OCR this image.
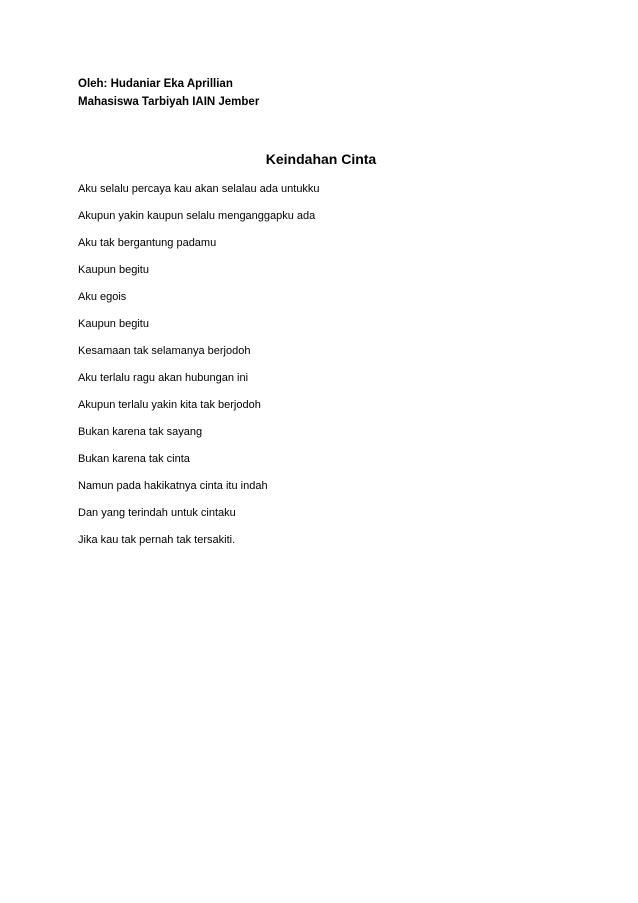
Oleh: Hudaniar Eka Aprillian
Mahasiswa Tarbiyah IAIN Jember
Keindahan Cinta
Aku selalu percaya kau akan selalau ada untukku
Akupun yakin kaupun selalu menganggapku ada
Aku tak bergantung padamu
Kaupun begitu
Aku egois
Kaupun begitu
Kesamaan tak selamanya berjodoh
Aku terlalu ragu akan hubungan ini
Akupun terlalu yakin kita tak berjodoh
Bukan karena tak sayang
Bukan karena tak cinta
Namun pada hakikatnya cinta itu indah
Dan yang terindah untuk cintaku
Jika kau tak pernah tak tersakiti.
